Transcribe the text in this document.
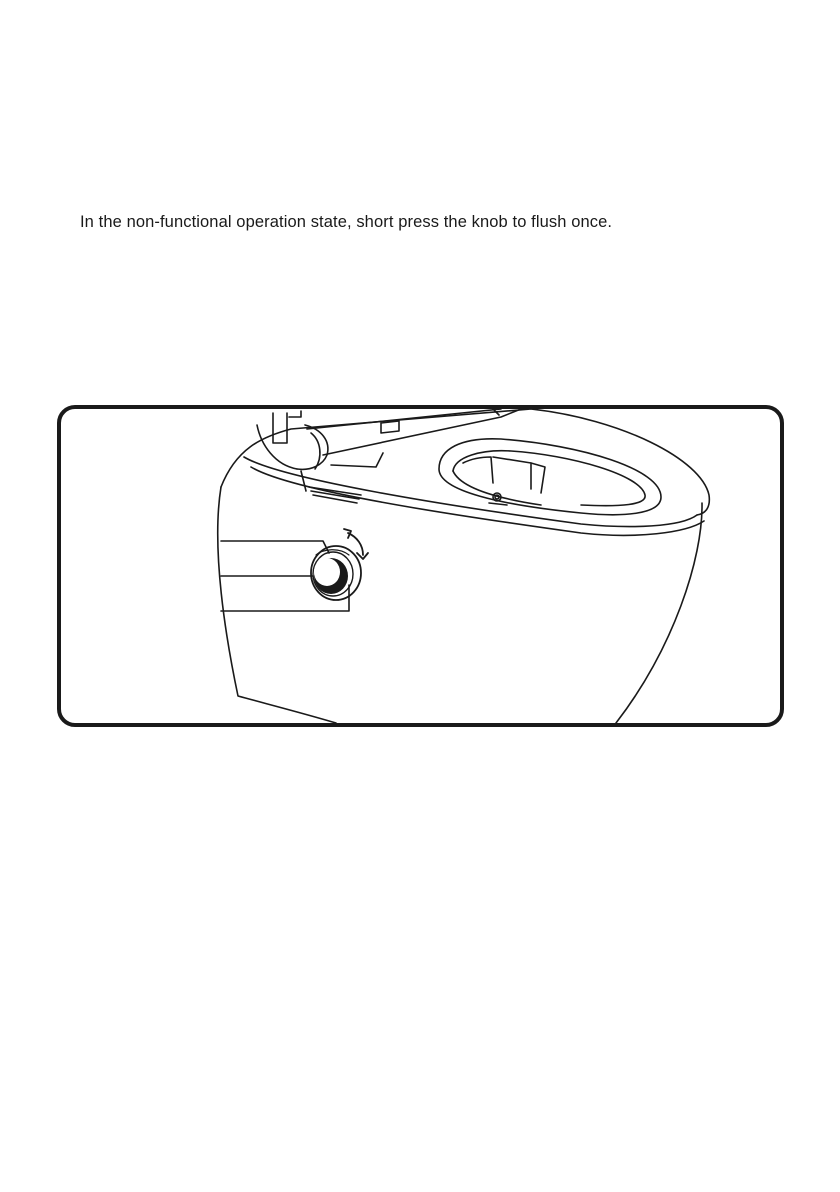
In the non-functional operation state, short press the knob to flush once.
